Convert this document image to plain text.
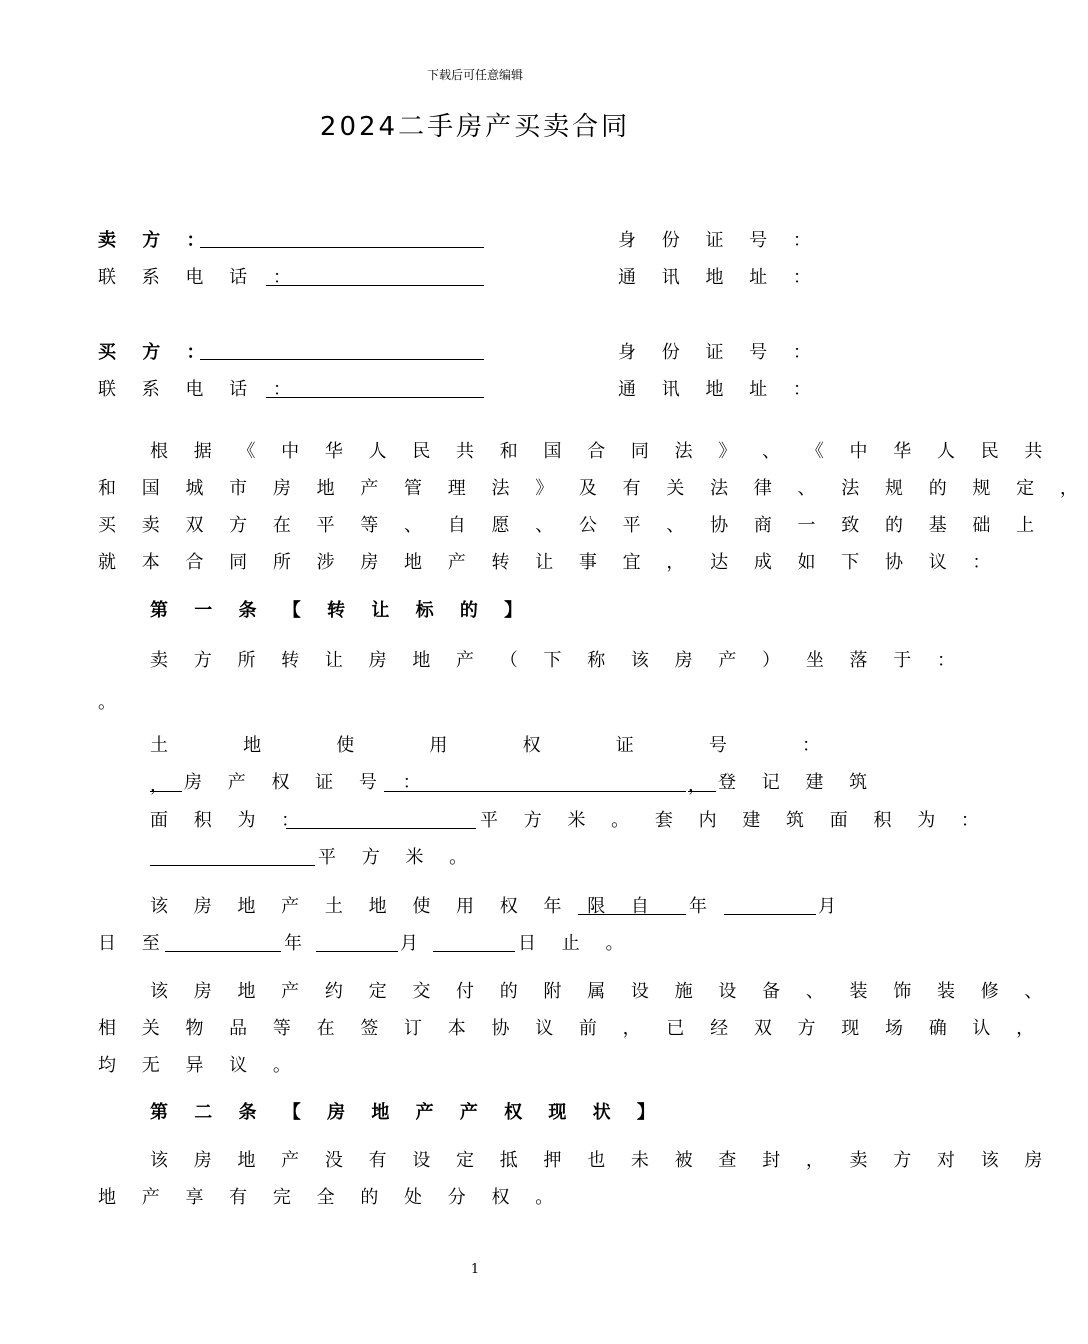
下载后可任意编辑
2024二手房产买卖合同
卖 方 ：	身 份 证 号 ：
联 系 电 话 ：	通 讯 地 址 ：
买 方 ：	身 份 证 号 ：
联 系 电 话 ：	通 讯 地 址 ：
根 据 《 中 华 人 民 共 和 国 合 同 法 》 、 《 中 华 人 民 共
和 国 城 市 房 地 产 管 理 法 》 及 有 关 法 律 、 法 规 的 规 定 ，
买 卖 双 方 在 平 等 、 自 愿 、 公 平 、 协 商 一 致 的 基 础 上
就 本 合 同 所 涉 房 地 产 转 让 事 宜 ， 达 成 如 下 协 议 ：
第 一 条 【 转 让 标 的 】
卖 方 所 转 让 房 地 产 （ 下 称 该 房 产 ） 坐 落 于 ：
。
土	地	使	用	权	证	号	：
， 房 产 权 证 号 ：	， 登 记 建 筑
面 积 为 ：	平 方 米 。 套 内 建 筑 面 积 为 ：
平 方 米 。
该 房 地 产 土 地 使 用 权 年 限 自 年	月
日 至	年	月	日 止 。
该 房 地 产 约 定 交 付 的 附 属 设 施 设 备 、 装 饰 装 修 、
相 关 物 品 等 在 签 订 本 协 议 前 ， 已 经 双 方 现 场 确 认 ，
均 无 异 议 。
第 二 条 【 房 地 产 产 权 现 状 】
该 房 地 产 没 有 设 定 抵 押 也 未 被 查 封 ， 卖 方 对 该 房
地 产 享 有 完 全 的 处 分 权 。
1
